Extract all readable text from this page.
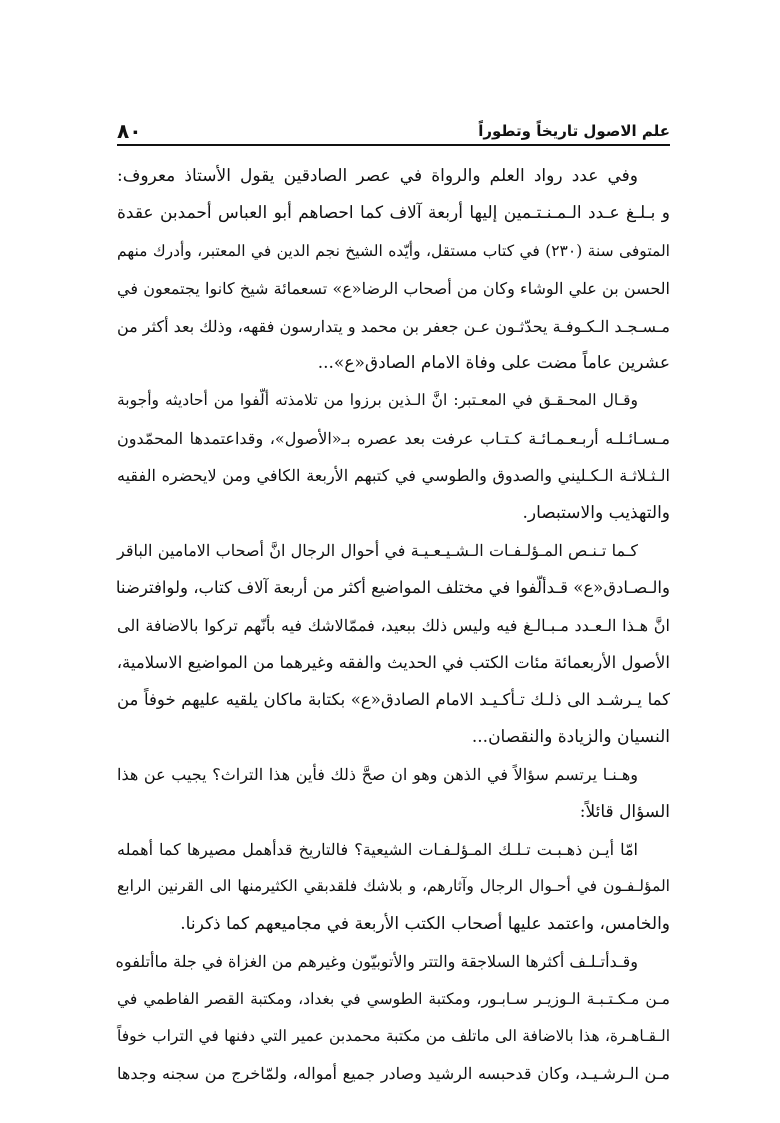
٨٠	علم الاصول تاريخاً وتطوراً
وفي عدد رواد العلم والرواة في عصر الصادقين يقول الأستاذ معروف:
و بـلـغ عـدد الـمـنـتـمين إليها أربعة آلاف كما احصاهم أبو العباس أحمدبن عقدة
المتوفى سنة (٢٣٠) في كتاب مستقل، وأيّده الشيخ نجم الدين في المعتبر، وأدرك منهم
الحسن بن علي الوشاء وكان من أصحاب الرضا«ع» تسعمائة شيخ كانوا يجتمعون في
مـسـجـد الـكـوفـة يحدّثـون عـن جعفر بن محمد و يتدارسون فقهه، وذلك بعد أكثر من
عشرين عاماً مضت على وفاة الامام الصادق«ع»...
وقـال المحـقـق في المعـتبر: انَّ الـذين برزوا من تلامذته ألّفوا من أحاديثه وأجوبة
مـسـائـلـه أربـعـمـائـة كـتـاب عرفت بعد عصره بـ«الأصول»، وقداعتمدها المحمّدون
الـثـلاثـة الـكـليني والصدوق والطوسي في كتبهم الأربعة الكافي ومن لايحضره الفقيه
والتهذيب والاستبصار.
كـما تـنـص المـؤلـفـات الـشـيـعـيـة في أحوال الرجال انَّ أصحاب الامامين الباقر
والـصـادق«ع» قـدألّفوا في مختلف المواضيع أكثر من أربعة آلاف كتاب، ولوافترضنا
انَّ هـذا الـعـدد مـبـالـغ فيه وليس ذلك ببعيد، فممّالاشك فيه بأنّهم تركوا بالاضافة الى
الأصول الأربعمائة مئات الكتب في الحديث والفقه وغيرهما من المواضيع الاسلامية،
كما يـرشـد الى ذلـك تـأكـيـد الامام الصادق«ع» بكتابة ماكان يلقيه عليهم خوفاً من
النسيان والزيادة والنقصان...
وهـنـا يرتسم سؤالاً في الذهن وهو ان صحَّ ذلك فأين هذا التراث؟ يجيب عن هذا
السؤال قائلاً:
امّا أيـن ذهـبـت تـلـك المـؤلـفـات الشيعية؟ فالتاريخ قدأهمل مصيرها كما أهمله
المؤلـفـون في أحـوال الرجال وآثارهم، و بلاشك فلقدبقي الكثيرمنها الى القرنين الرابع
والخامس، واعتمد عليها أصحاب الكتب الأربعة في مجاميعهم كما ذكرنا.
وقـدأتـلـف أكثرها السلاجقة والتتر والأتوبيّون وغيرهم من الغزاة في جلة ماأتلفوه
مـن مـكـتـبـة الـوزيـر سـابـور، ومكتبة الطوسي في بغداد، ومكتبة القصر الفاطمي في
الـقـاهـرة، هذا بالاضافة الى ماتلف من مكتبة محمدبن عمير التي دفنها في التراب خوفاً
مـن الـرشـيـد، وكان قدحبسه الرشيد وصادر جميع أمواله، ولمّاخرج من سجنه وجدها
